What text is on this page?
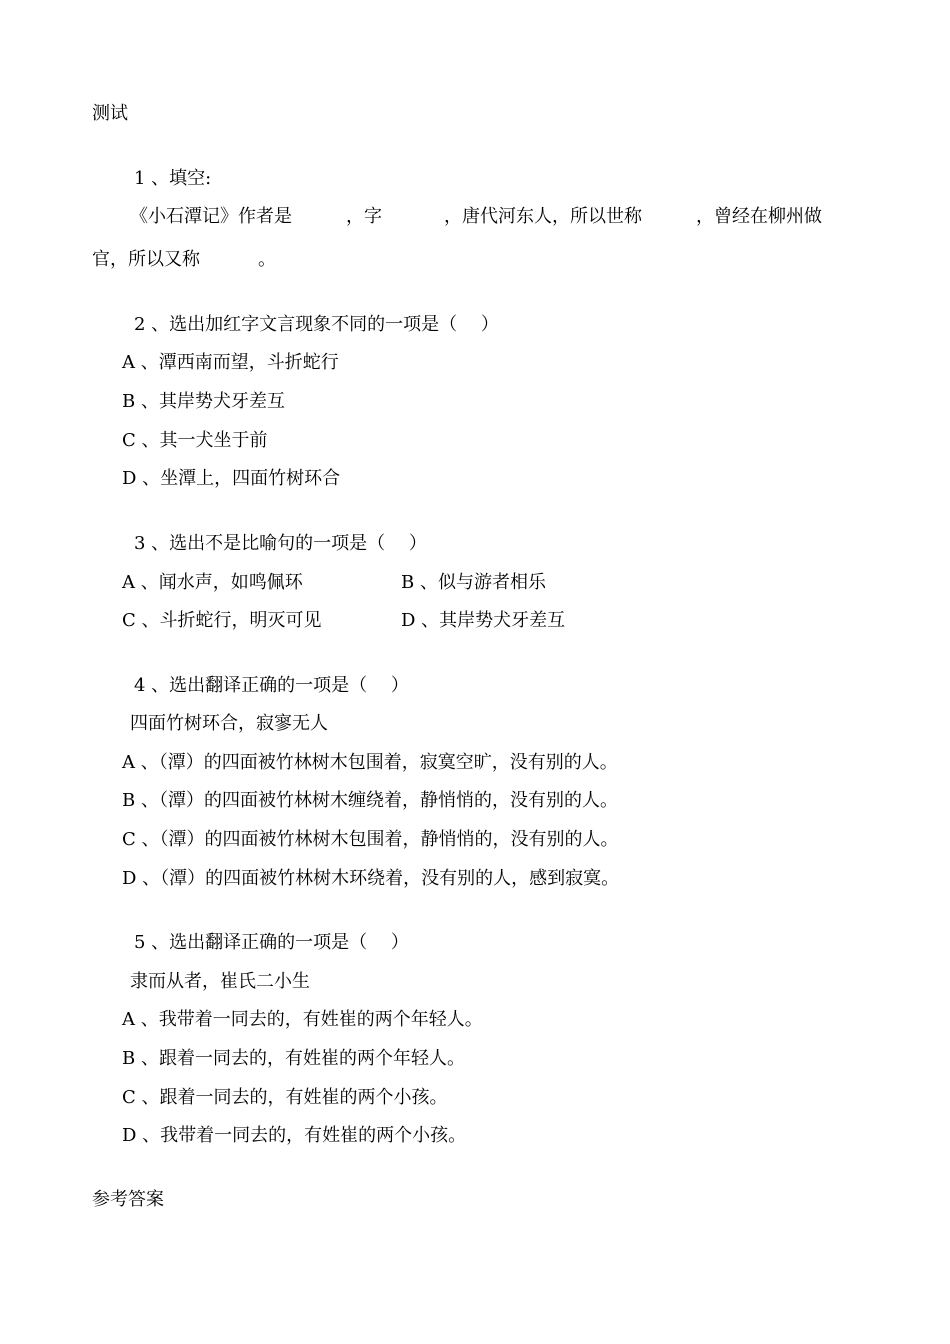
测试
1 、填空:
《小石潭记》作者是	，字	，唐代河东人，所以世称	，曾经在柳州做
官，所以又称	。
2 、选出加红字文言现象不同的一项是（　 ）
A 、潭西南而望，斗折蛇行
B 、其岸势犬牙差互
C 、其一犬坐于前
D 、坐潭上，四面竹树环合
3 、选出不是比喻句的一项是（　 ）
A 、闻水声，如鸣佩环	B 、似与游者相乐
C 、斗折蛇行，明灭可见	D 、其岸势犬牙差互
4 、选出翻译正确的一项是（　 ）
四面竹树环合，寂寥无人
A 、（潭）的四面被竹林树木包围着，寂寞空旷，没有别的人。
B 、（潭）的四面被竹林树木缠绕着，静悄悄的，没有别的人。
C 、（潭）的四面被竹林树木包围着，静悄悄的，没有别的人。
D 、（潭）的四面被竹林树木环绕着，没有别的人，感到寂寞。
5 、选出翻译正确的一项是（　 ）
隶而从者，崔氏二小生
A 、我带着一同去的，有姓崔的两个年轻人。
B 、跟着一同去的，有姓崔的两个年轻人。
C 、跟着一同去的，有姓崔的两个小孩。
D 、我带着一同去的，有姓崔的两个小孩。
参考答案
